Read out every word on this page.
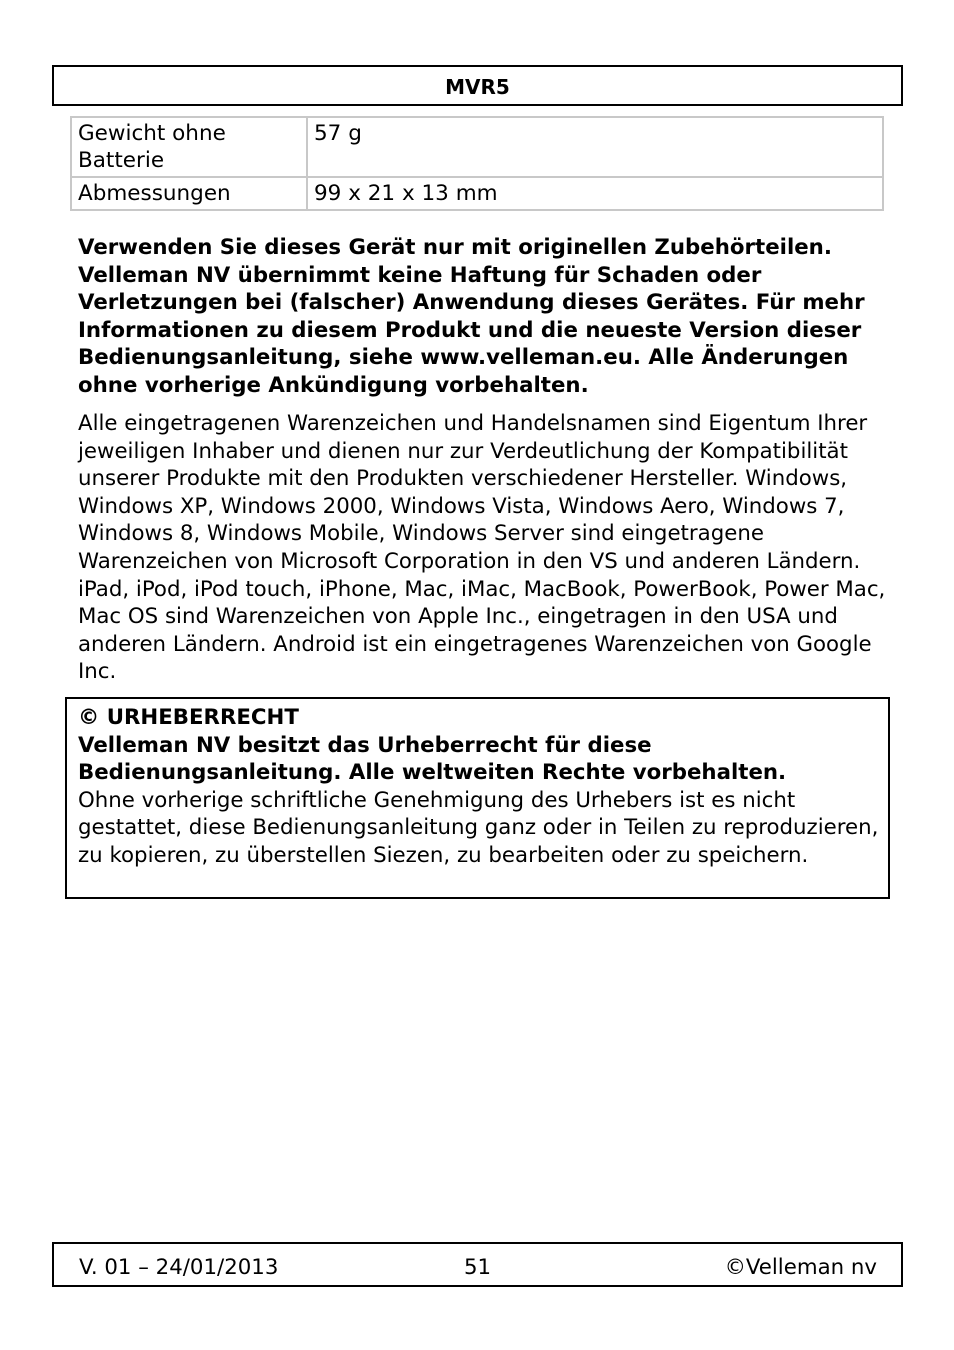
MVR5
Gewicht ohne Batterie	57 g
Abmessungen	99 x 21 x 13 mm

Verwenden Sie dieses Gerät nur mit originellen Zubehörteilen. Velleman NV übernimmt keine Haftung für Schaden oder Verletzungen bei (falscher) Anwendung dieses Gerätes. Für mehr Informationen zu diesem Produkt und die neueste Version dieser Bedienungsanleitung, siehe www.velleman.eu. Alle Änderungen ohne vorherige Ankündigung vorbehalten.

Alle eingetragenen Warenzeichen und Handelsnamen sind Eigentum Ihrer jeweiligen Inhaber und dienen nur zur Verdeutlichung der Kompatibilität unserer Produkte mit den Produkten verschiedener Hersteller. Windows, Windows XP, Windows 2000, Windows Vista, Windows Aero, Windows 7, Windows 8, Windows Mobile, Windows Server sind eingetragene Warenzeichen von Microsoft Corporation in den VS und anderen Ländern. iPad, iPod, iPod touch, iPhone, Mac, iMac, MacBook, PowerBook, Power Mac, Mac OS sind Warenzeichen von Apple Inc., eingetragen in den USA und anderen Ländern. Android ist ein eingetragenes Warenzeichen von Google Inc.

© URHEBERRECHT

Velleman NV besitzt das Urheberrecht für diese Bedienungsanleitung. Alle weltweiten Rechte vorbehalten.

Ohne vorherige schriftliche Genehmigung des Urhebers ist es nicht gestattet, diese Bedienungsanleitung ganz oder in Teilen zu reproduzieren, zu kopieren, zu überstellen Siezen, zu bearbeiten oder zu speichern.

V. 01 – 24/01/2013	51	©Velleman nv
